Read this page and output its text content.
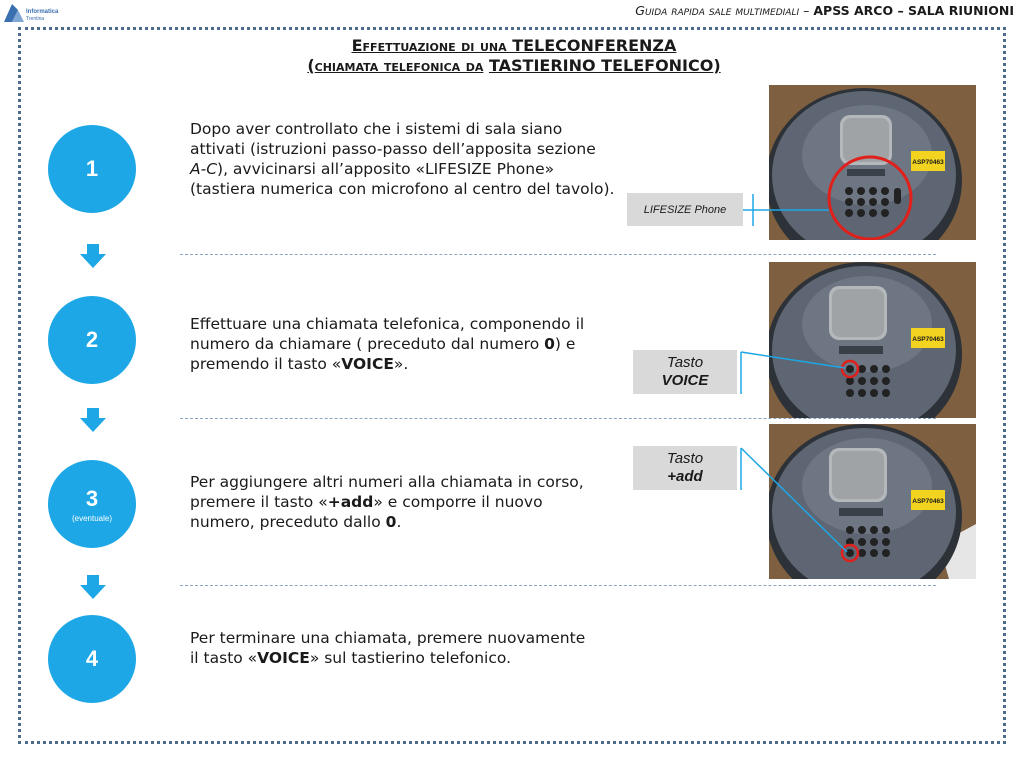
Informatica
Trentina
Guida rapida sale multimediali – APSS ARCO – SALA RIUNIONI
Effettuazione di una TELECONFERENZA
(chiamata telefonica da TASTIERINO TELEFONICO)
1
2
3
(eventuale)
4
Dopo aver controllato che i sistemi di sala siano attivati (istruzioni passo-passo dell’apposita sezione A-C), avvicinarsi all’apposito «LIFESIZE Phone» (tastiera numerica con microfono al centro del tavolo).
Effettuare una chiamata telefonica, componendo il numero da chiamare ( preceduto dal numero 0) e premendo il tasto «VOICE».
Per aggiungere altri numeri alla chiamata in corso, premere il tasto «+add» e comporre il nuovo numero, preceduto dallo 0.
Per terminare una chiamata, premere nuovamente il tasto «VOICE» sul tastierino telefonico.
ASP70463
ASP70463
ASP70463
LIFESIZE Phone
Tasto
VOICE
Tasto
+add
